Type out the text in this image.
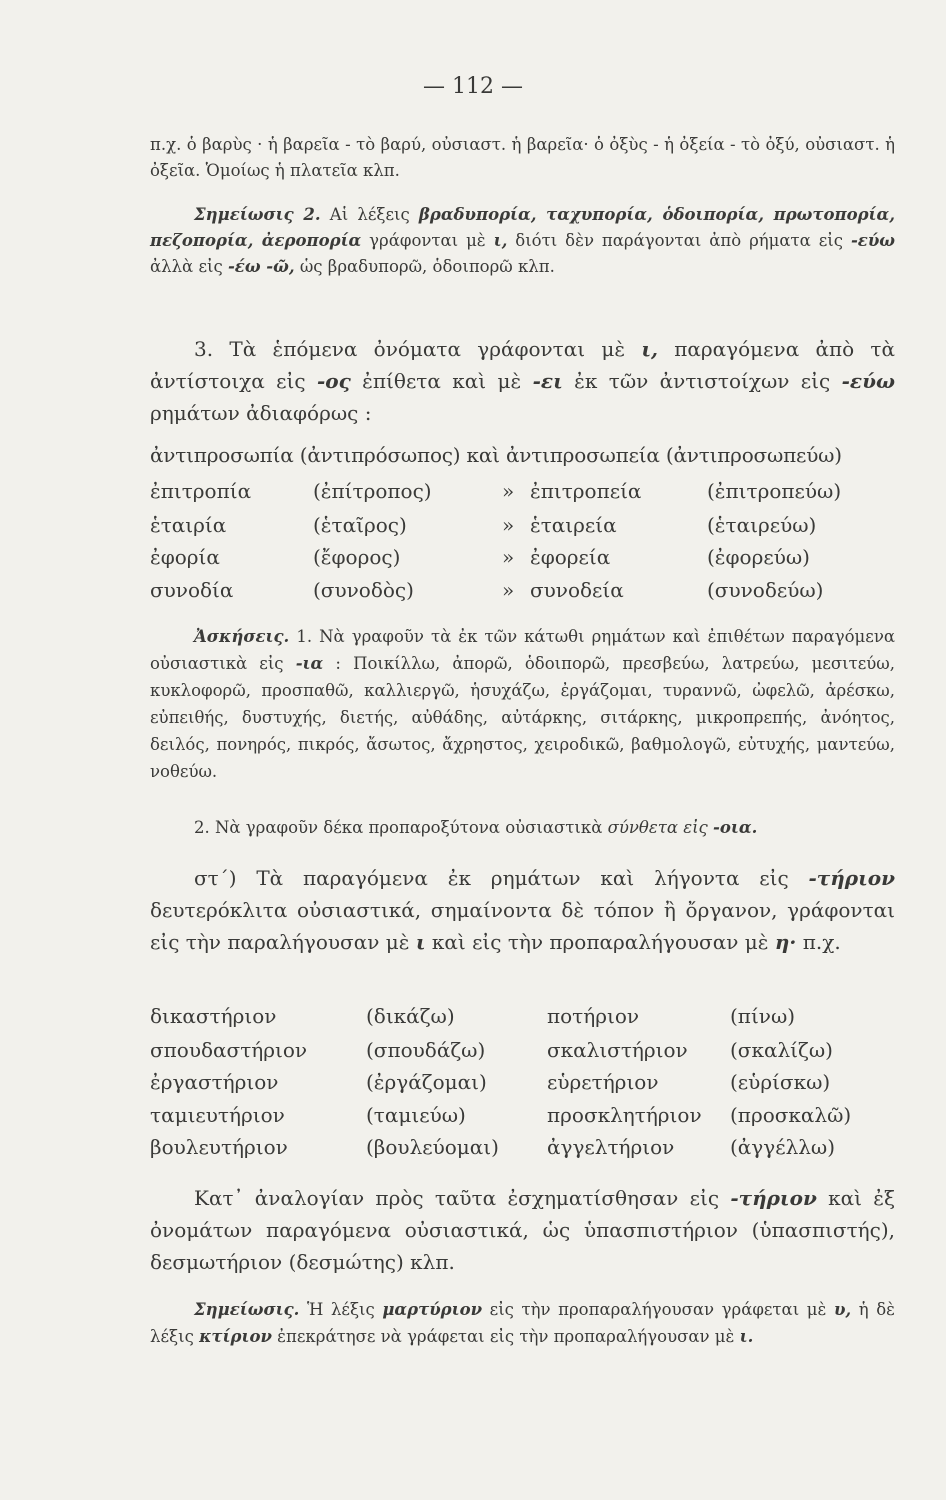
— 112 —
π.χ. ὁ βαρὺς · ἡ βαρεῖα - τὸ βαρύ, οὐσιαστ. ἡ βαρεῖα· ὁ ὀξὺς - ἡ ὀξεία - τὸ ὀξύ, οὐσιαστ. ἡ ὀξεῖα. Ὁμοίως ἡ πλατεῖα κλπ.
Σημείωσις 2. Αἱ λέξεις βραδυπορία, ταχυπορία, ὁδοιπορία, πρωτοπορία, πεζοπορία, ἀεροπορία γράφονται μὲ ι, διότι δὲν παράγονται ἀπὸ ρήματα εἰς -εύω ἀλλὰ εἰς -έω -ῶ, ὡς βραδυπορῶ, ὁδοιπορῶ κλπ.
3. Τὰ ἑπόμενα ὀνόματα γράφονται μὲ ι, παραγόμενα ἀπὸ τὰ ἀντίστοιχα εἰς -ος ἐπίθετα καὶ μὲ -ει ἐκ τῶν ἀντιστοίχων εἰς -εύω ρημάτων ἀδιαφόρως :
ἀντιπροσωπία (ἀντιπρόσωπος) καὶ ἀντιπροσωπεία (ἀντιπροσωπεύω)
ἐπιτροπία	(ἐπίτροπος)	» ἐπιτροπεία	(ἐπιτροπεύω)
ἑταιρία	(ἑταῖρος)	» ἑταιρεία	(ἑταιρεύω)
ἐφορία	(ἔφορος)	» ἐφορεία	(ἐφορεύω)
συνοδία	(συνοδὸς)	» συνοδεία	(συνοδεύω)
Ἀσκήσεις. 1. Νὰ γραφοῦν τὰ ἐκ τῶν κάτωθι ρημάτων καὶ ἐπιθέτων παραγόμενα οὐσιαστικὰ εἰς -ια : Ποικίλλω, ἀπορῶ, ὁδοιπορῶ, πρεσβεύω, λατρεύω, μεσιτεύω, κυκλοφορῶ, προσπαθῶ, καλλιεργῶ, ἡσυχάζω, ἐργάζομαι, τυραννῶ, ὠφελῶ, ἀρέσκω, εὐπειθής, δυστυχής, διετής, αὐθάδης, αὐτάρκης, σιτάρκης, μικροπρεπής, ἀνόητος, δειλός, πονηρός, πικρός, ἄσωτος, ἄχρηστος, χειροδικῶ, βαθμολογῶ, εὐτυχής, μαντεύω, νοθεύω.
2. Νὰ γραφοῦν δέκα προπαροξύτονα οὐσιαστικὰ σύνθετα εἰς -οια.
στ´) Τὰ παραγόμενα ἐκ ρημάτων καὶ λήγοντα εἰς -τήριον δευτερόκλιτα οὐσιαστικά, σημαίνοντα δὲ τόπον ἢ ὄργανον, γράφονται εἰς τὴν παραλήγουσαν μὲ ι καὶ εἰς τὴν προπαραλήγουσαν μὲ η· π.χ.
δικαστήριον	(δικάζω)	ποτήριον	(πίνω)
σπουδαστήριον	(σπουδάζω)	σκαλιστήριον (σκαλίζω)
ἐργαστήριον	(ἐργάζομαι)	εὑρετήριον	(εὑρίσκω)
ταμιευτήριον	(ταμιεύω)	προσκλητήριον (προσκαλῶ)
βουλευτήριον	(βουλεύομαι) ἀγγελτήριον	(ἀγγέλλω)
Κατ᾽ ἀναλογίαν πρὸς ταῦτα ἐσχηματίσθησαν εἰς -τήριον καὶ ἐξ ὀνομάτων παραγόμενα οὐσιαστικά, ὡς ὑπασπιστήριον (ὑπασπιστής), δεσμωτήριον (δεσμώτης) κλπ.
Σημείωσις. Ἡ λέξις μαρτύριον εἰς τὴν προπαραλήγουσαν γράφεται μὲ υ, ἡ δὲ λέξις κτίριον ἐπεκράτησε νὰ γράφεται εἰς τὴν προπαραλήγουσαν μὲ ι.
